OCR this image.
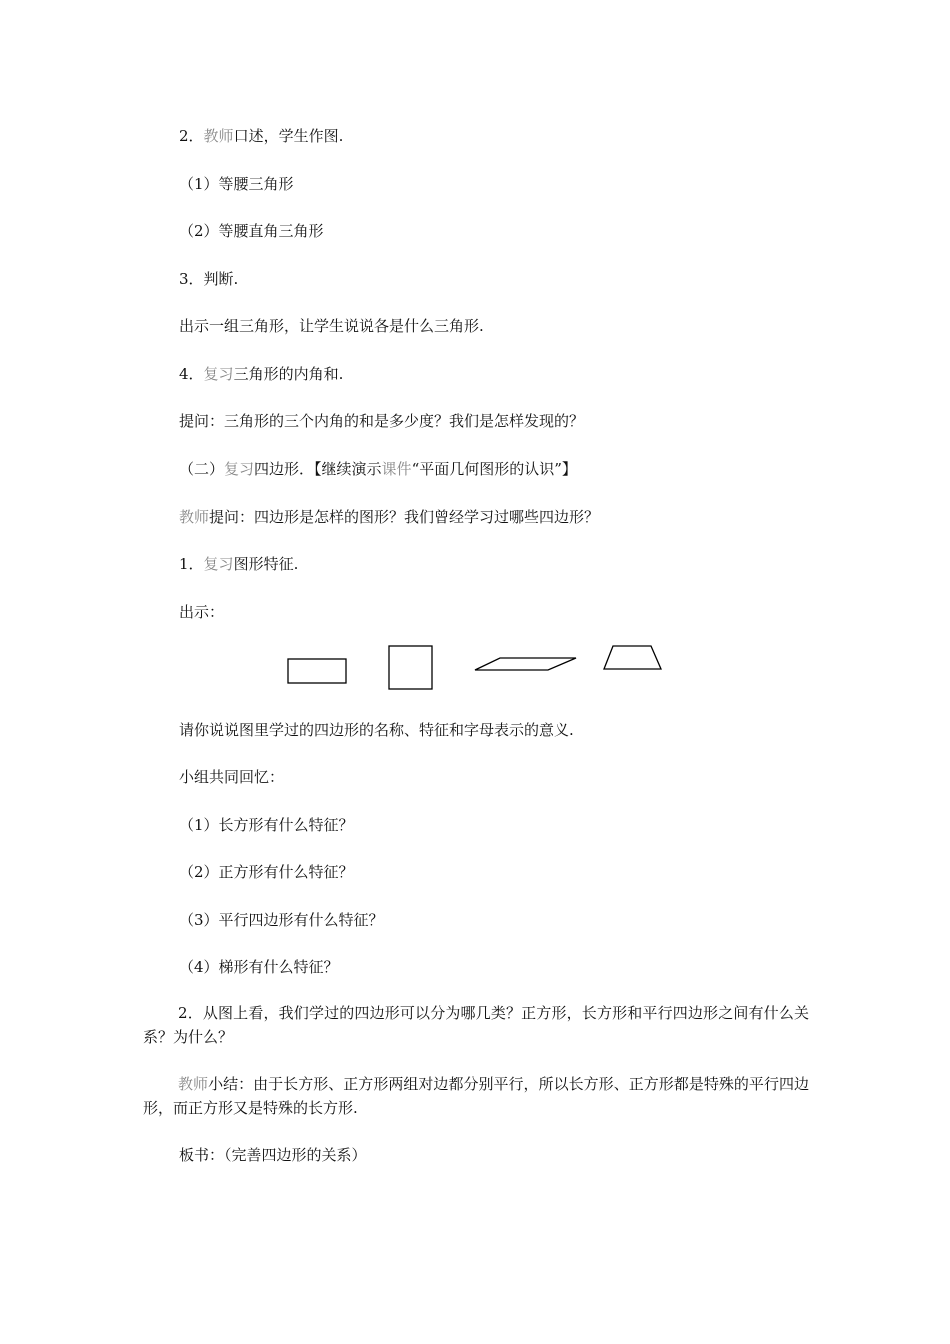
2．教师口述，学生作图.
（1）等腰三角形
（2）等腰直角三角形
3．判断.
出示一组三角形，让学生说说各是什么三角形.
4．复习三角形的内角和.
提问：三角形的三个内角的和是多少度？我们是怎样发现的？
（二）复习四边形．【继续演示课件“平面几何图形的认识”】
教师提问：四边形是怎样的图形？我们曾经学习过哪些四边形？
1．复习图形特征.
出示：
请你说说图里学过的四边形的名称、特征和字母表示的意义.
小组共同回忆：
（1）长方形有什么特征？
（2）正方形有什么特征？
（3）平行四边形有什么特征？
（4）梯形有什么特征？
2．从图上看，我们学过的四边形可以分为哪几类？正方形，长方形和平行四边形之间有什么关系？为什么？
教师小结：由于长方形、正方形两组对边都分别平行，所以长方形、正方形都是特殊的平行四边形，而正方形又是特殊的长方形.
板书：（完善四边形的关系）
